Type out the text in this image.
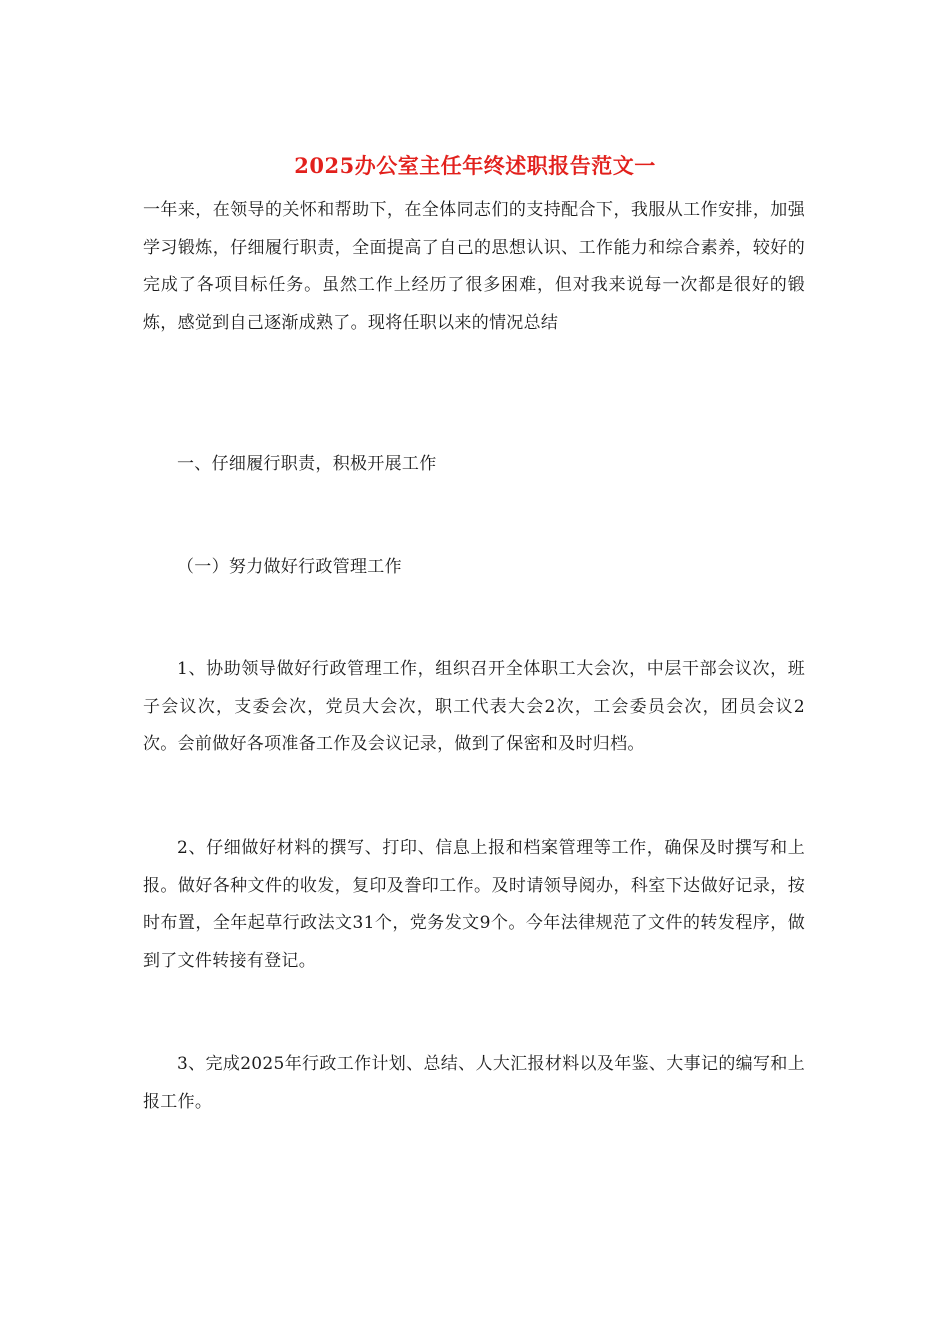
2025办公室主任年终述职报告范文一
一年来，在领导的关怀和帮助下，在全体同志们的支持配合下，我服从工作安排，加强学习锻炼，仔细履行职责，全面提高了自己的思想认识、工作能力和综合素养，较好的完成了各项目标任务。虽然工作上经历了很多困难，但对我来说每一次都是很好的锻炼，感觉到自己逐渐成熟了。现将任职以来的情况总结
一、仔细履行职责，积极开展工作
（一）努力做好行政管理工作
1、协助领导做好行政管理工作，组织召开全体职工大会次，中层干部会议次，班子会议次，支委会次，党员大会次，职工代表大会2次，工会委员会次，团员会议2次。会前做好各项准备工作及会议记录，做到了保密和及时归档。
2、仔细做好材料的撰写、打印、信息上报和档案管理等工作，确保及时撰写和上报。做好各种文件的收发，复印及誊印工作。及时请领导阅办，科室下达做好记录，按时布置，全年起草行政法文31个，党务发文9个。今年法律规范了文件的转发程序，做到了文件转接有登记。
3、完成2025年行政工作计划、总结、人大汇报材料以及年鉴、大事记的编写和上报工作。
